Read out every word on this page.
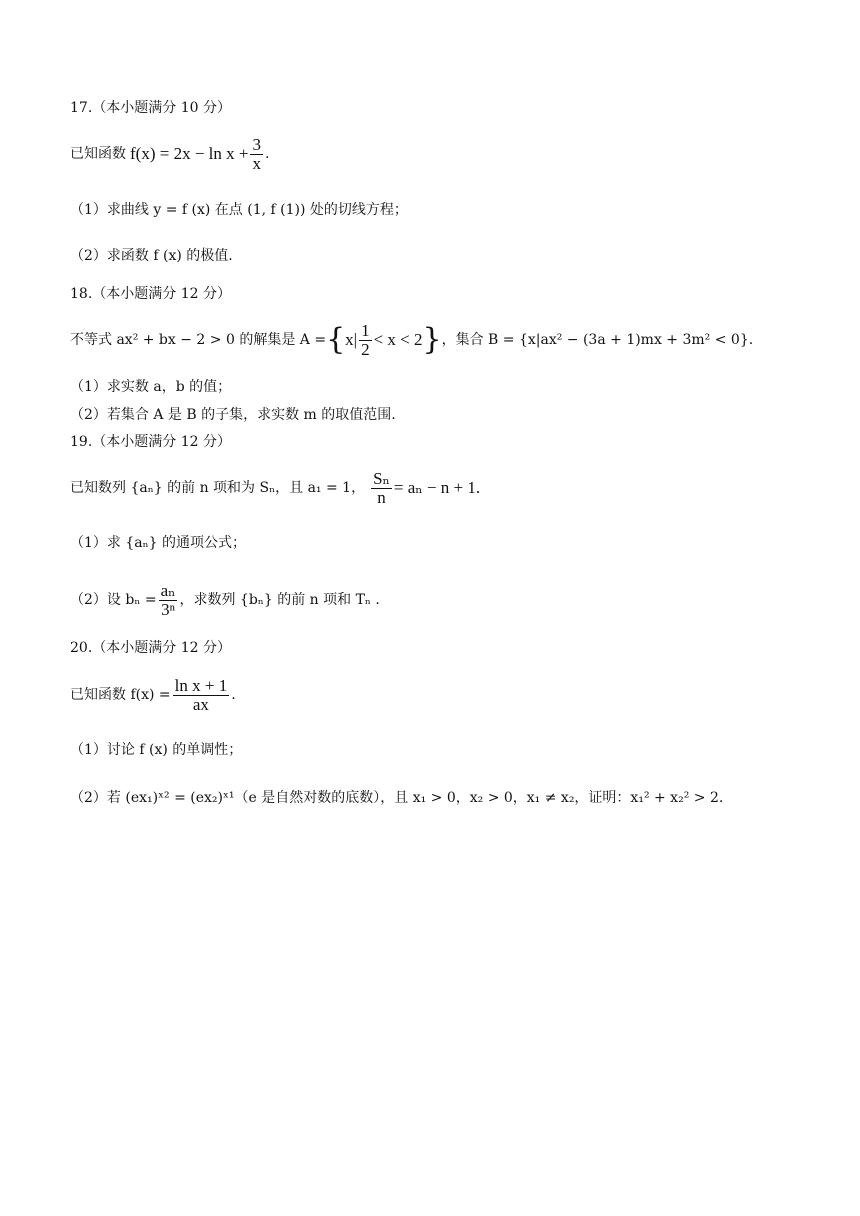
17.（本小题满分 10 分）
已知函数 $f(x) = 2x - \ln x + \frac{3}{x}$ .
（1）求曲线 y = f (x) 在点 (1, f (1)) 处的切线方程；
（2）求函数 f (x) 的极值.
18.（本小题满分 12 分）
不等式 ax² + bx − 2 > 0 的解集是 A = { $x| \frac{1}{2} < x < 2$ } ，集合 B = {x|ax² − (3a + 1)mx + 3m² < 0}.
（1）求实数 a，b 的值；
（2）若集合 A 是 B 的子集，求实数 m 的取值范围.
19.（本小题满分 12 分）
已知数列 {aₙ} 的前 n 项和为 Sₙ，且 a₁ = 1， $\frac{\text{Sₙ}}{n} = a_n - n + 1$.
（1）求 {aₙ} 的通项公式；
（2）设 $b_n = \frac{\text{aₙ}}{\text{3ⁿ}}$ ，求数列 {bₙ} 的前 n 项和 Tₙ .
20.（本小题满分 12 分）
已知函数 $f(x) = \frac{\text{ln x + 1}}{ax}$ .
（1）讨论 f (x) 的单调性；
（2）若 (ex₁)ˣ² = (ex₂)ˣ¹（e 是自然对数的底数），且 x₁ > 0，x₂ > 0，x₁ ≠ x₂，证明：x₁² + x₂² > 2.
